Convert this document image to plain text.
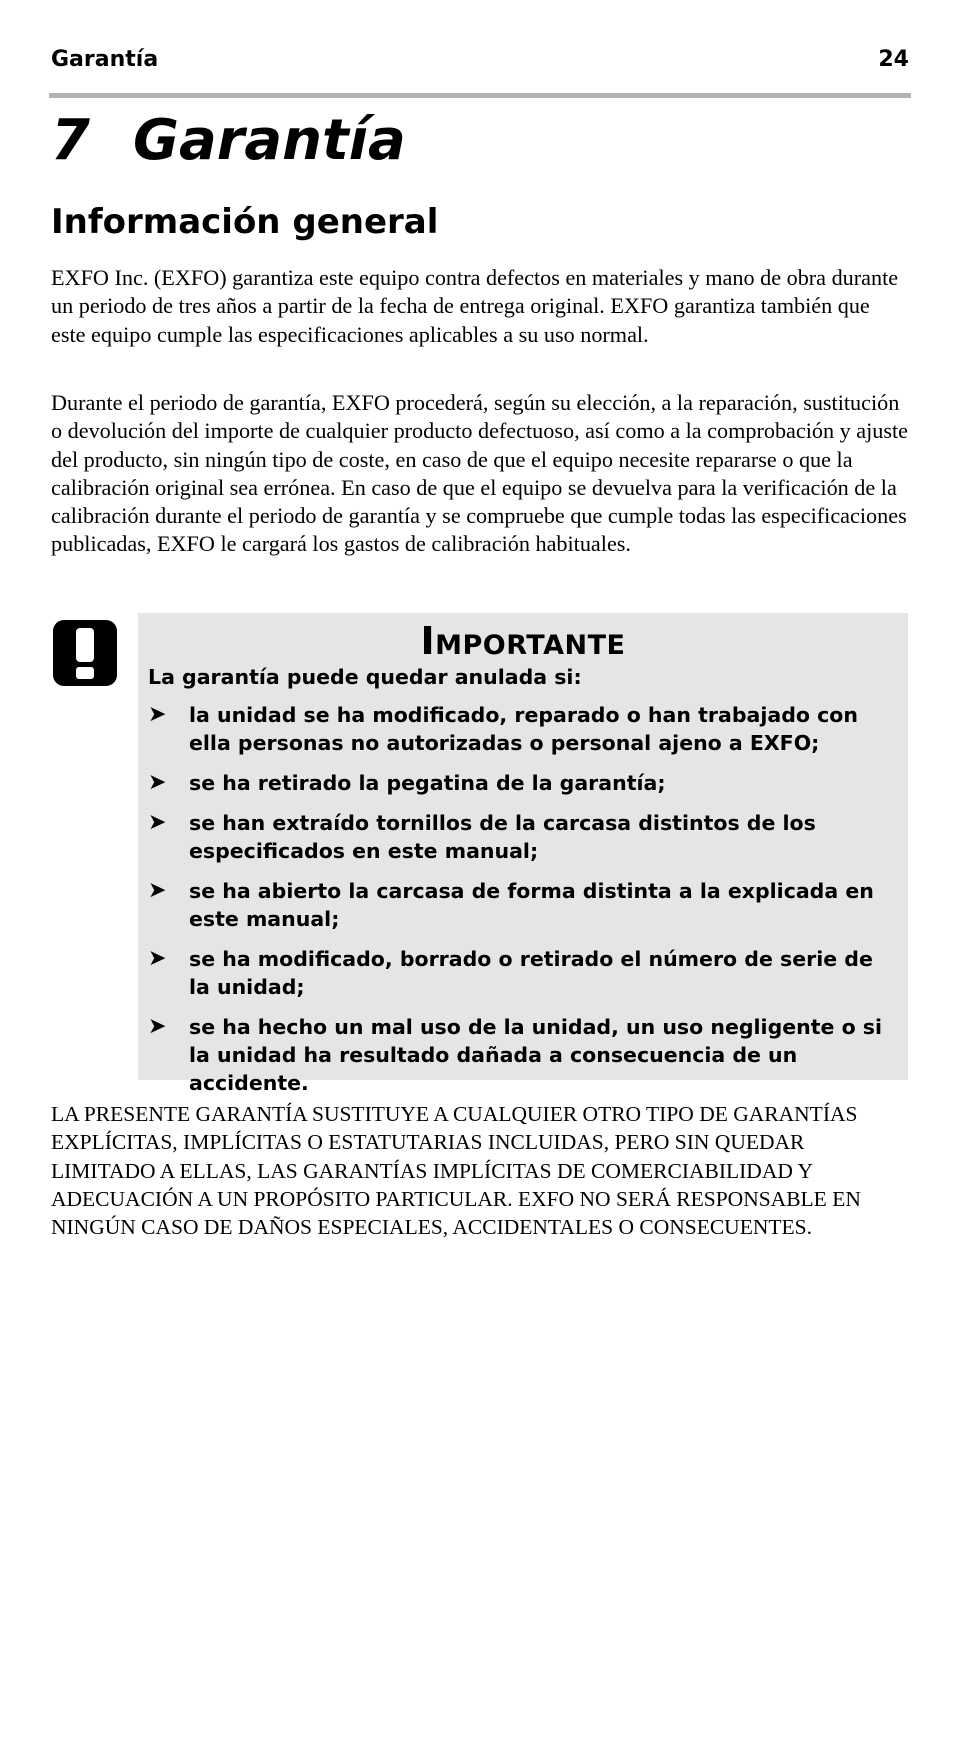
Garantía	24
7 Garantía
Información general

EXFO Inc. (EXFO) garantiza este equipo contra defectos en materiales y mano de obra durante un periodo de tres años a partir de la fecha de entrega original. EXFO garantiza también que este equipo cumple las especificaciones aplicables a su uso normal.

Durante el periodo de garantía, EXFO procederá, según su elección, a la reparación, sustitución o devolución del importe de cualquier producto defectuoso, así como a la comprobación y ajuste del producto, sin ningún tipo de coste, en caso de que el equipo necesite repararse o que la calibración original sea errónea. En caso de que el equipo se devuelva para la verificación de la calibración durante el periodo de garantía y se compruebe que cumple todas las especificaciones publicadas, EXFO le cargará los gastos de calibración habituales.

Importante

La garantía puede quedar anulada si:

➤ la unidad se ha modificado, reparado o han trabajado con ella personas no autorizadas o personal ajeno a EXFO;
➤ se ha retirado la pegatina de la garantía;
➤ se han extraído tornillos de la carcasa distintos de los especificados en este manual;
➤ se ha abierto la carcasa de forma distinta a la explicada en este manual;
➤ se ha modificado, borrado o retirado el número de serie de la unidad;
➤ se ha hecho un mal uso de la unidad, un uso negligente o si la unidad ha resultado dañada a consecuencia de un accidente.

LA PRESENTE GARANTÍA SUSTITUYE A CUALQUIER OTRO TIPO DE GARANTÍAS EXPLÍCITAS, IMPLÍCITAS O ESTATUTARIAS INCLUIDAS, PERO SIN QUEDAR LIMITADO A ELLAS, LAS GARANTÍAS IMPLÍCITAS DE COMERCIABILIDAD Y ADECUACIÓN A UN PROPÓSITO PARTICULAR. EXFO NO SERÁ RESPONSABLE EN NINGÚN CASO DE DAÑOS ESPECIALES, ACCIDENTALES O CONSECUENTES.
